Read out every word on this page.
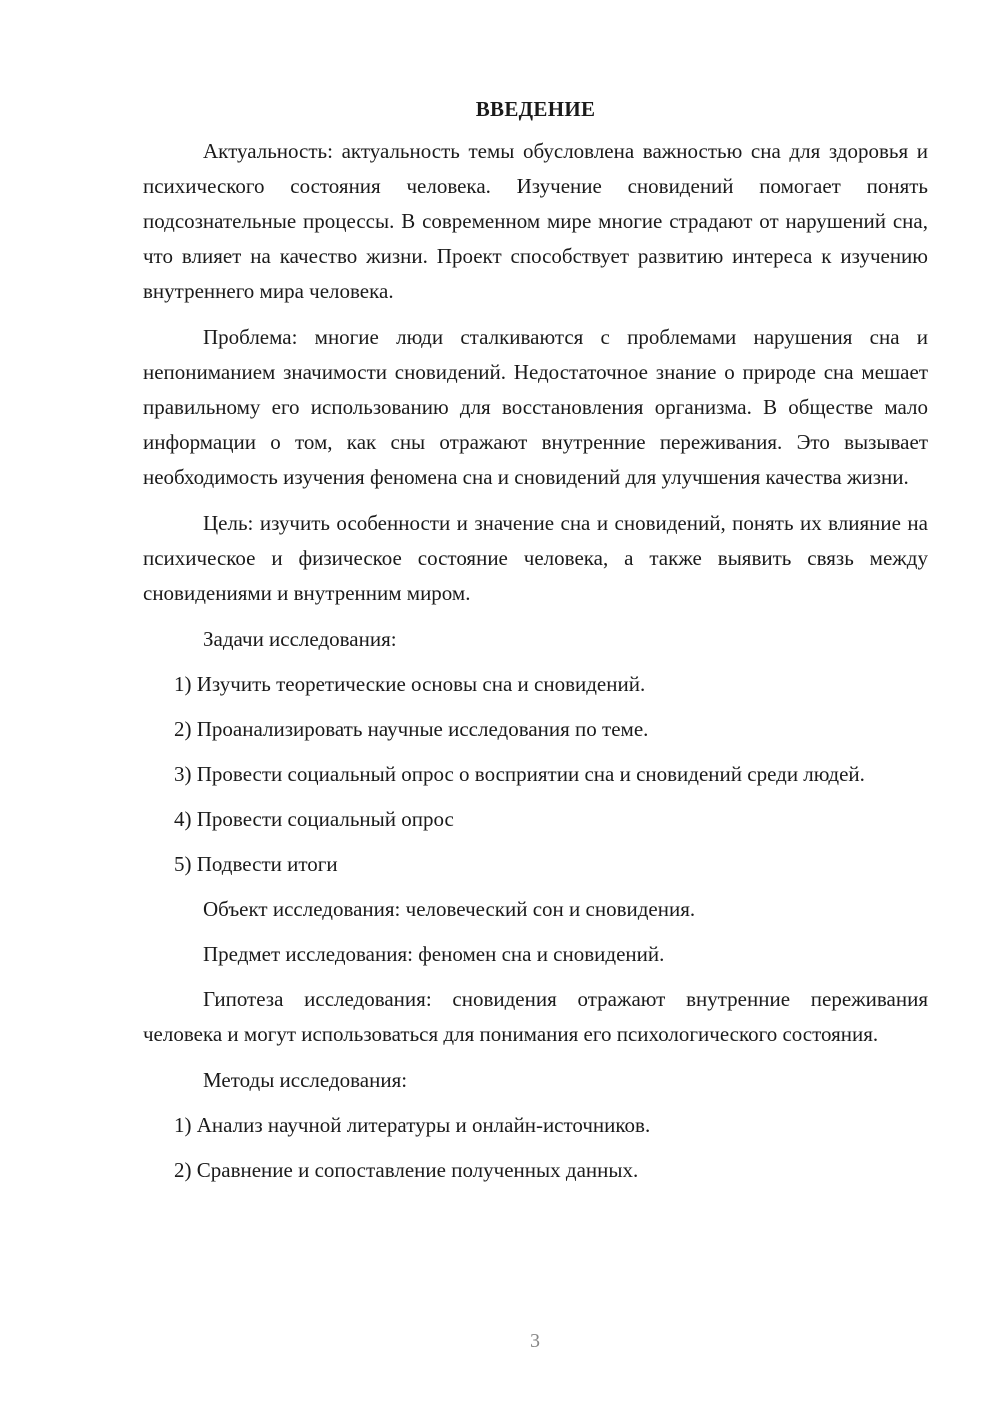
ВВЕДЕНИЕ

Актуальность: актуальность темы обусловлена важностью сна для здоровья и психического состояния человека. Изучение сновидений помогает понять подсознательные процессы. В современном мире многие страдают от нарушений сна, что влияет на качество жизни. Проект способствует развитию интереса к изучению внутреннего мира человека.

Проблема: многие люди сталкиваются с проблемами нарушения сна и непониманием значимости сновидений. Недостаточное знание о природе сна мешает правильному его использованию для восстановления организма. В обществе мало информации о том, как сны отражают внутренние переживания. Это вызывает необходимость изучения феномена сна и сновидений для улучшения качества жизни.

Цель: изучить особенности и значение сна и сновидений, понять их влияние на психическое и физическое состояние человека, а также выявить связь между сновидениями и внутренним миром.

Задачи исследования:

1) Изучить теоретические основы сна и сновидений.

2) Проанализировать научные исследования по теме.

3) Провести социальный опрос о восприятии сна и сновидений среди людей.

4) Провести социальный опрос

5) Подвести итоги

Объект исследования: человеческий сон и сновидения.

Предмет исследования: феномен сна и сновидений.

Гипотеза исследования: сновидения отражают внутренние переживания человека и могут использоваться для понимания его психологического состояния.

Методы исследования:

1) Анализ научной литературы и онлайн-источников.

2) Сравнение и сопоставление полученных данных.

3
